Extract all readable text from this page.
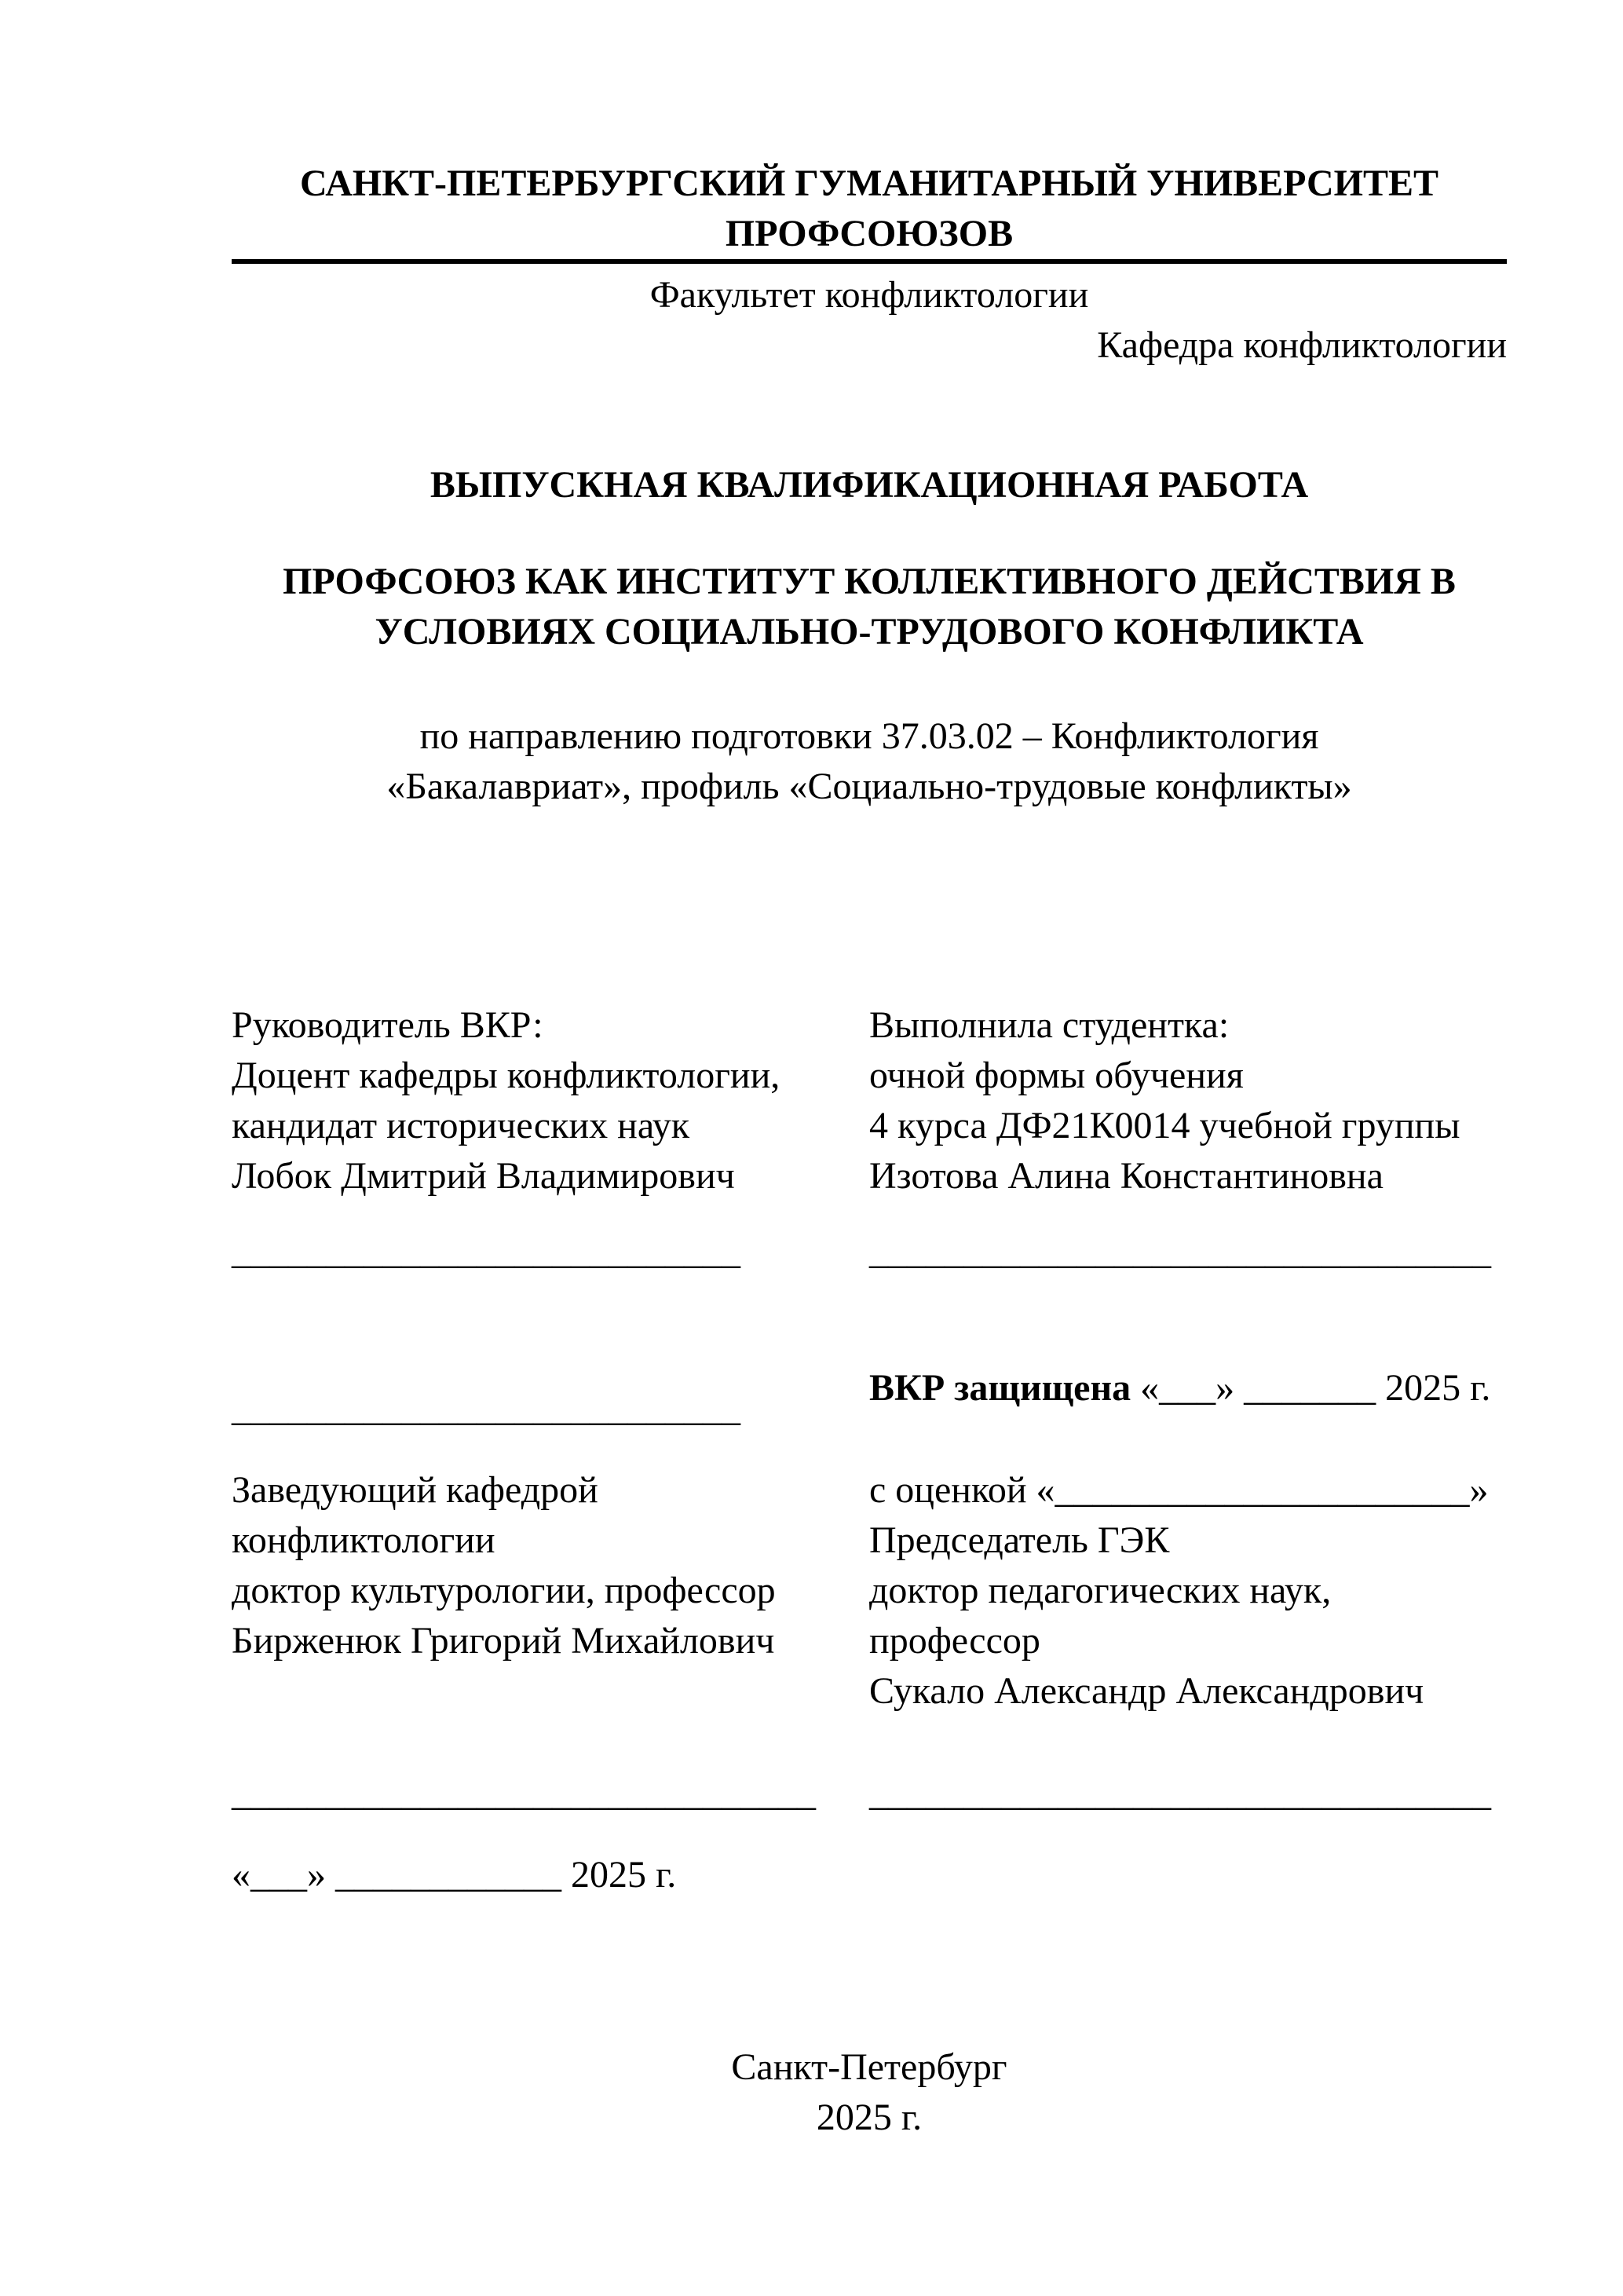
САНКТ-ПЕТЕРБУРГСКИЙ ГУМАНИТАРНЫЙ УНИВЕРСИТЕТ ПРОФСОЮЗОВ
Факультет конфликтологии
Кафедра конфликтологии
ВЫПУСКНАЯ КВАЛИФИКАЦИОННАЯ РАБОТА
ПРОФСОЮЗ КАК ИНСТИТУТ КОЛЛЕКТИВНОГО ДЕЙСТВИЯ В УСЛОВИЯХ СОЦИАЛЬНО-ТРУДОВОГО КОНФЛИКТА
по направлению подготовки 37.03.02 – Конфликтология
«Бакалавриат», профиль «Социально-трудовые конфликты»
Руководитель ВКР:
Доцент кафедры конфликтологии,
кандидат исторических наук
Лобок Дмитрий Владимирович
___________________________
___________________________
Заведующий кафедрой
конфликтологии
доктор культурологии, профессор
Бирженюк Григорий Михайлович
_______________________________
«___» ____________ 2025 г.
Выполнила студентка:
очной формы обучения
4 курса ДФ21К0014 учебной группы
Изотова Алина Константиновна
_________________________________
ВКР защищена «___» _______ 2025 г.
с оценкой «______________________»
Председатель ГЭК
доктор педагогических наук,
профессор
Сукало Александр Александрович
_________________________________
Санкт-Петербург
2025 г.
